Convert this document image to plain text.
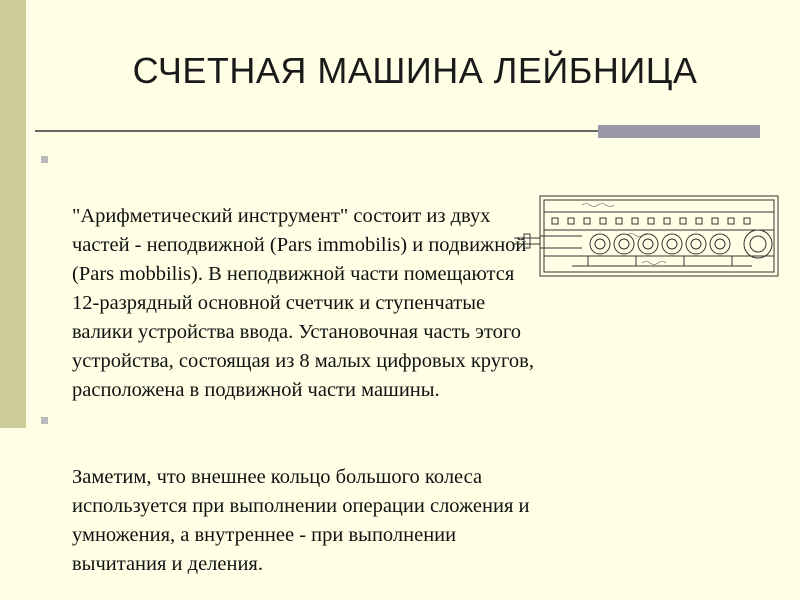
СЧЕТНАЯ МАШИНА ЛЕЙБНИЦА

"Арифметический инструмент" состоит из двух частей - неподвижной (Pars immobilis) и подвижной (Pars mobbilis). В неподвижной части помещаются 12-разрядный основной счетчик и ступенчатые валики устройства ввода. Установочная часть этого устройства, состоящая из 8 малых цифровых кругов, расположена в подвижной части машины.

Заметим, что внешнее кольцо большого колеса используется при выполнении операции сложения и умножения, а внутреннее - при выполнении вычитания и деления.
